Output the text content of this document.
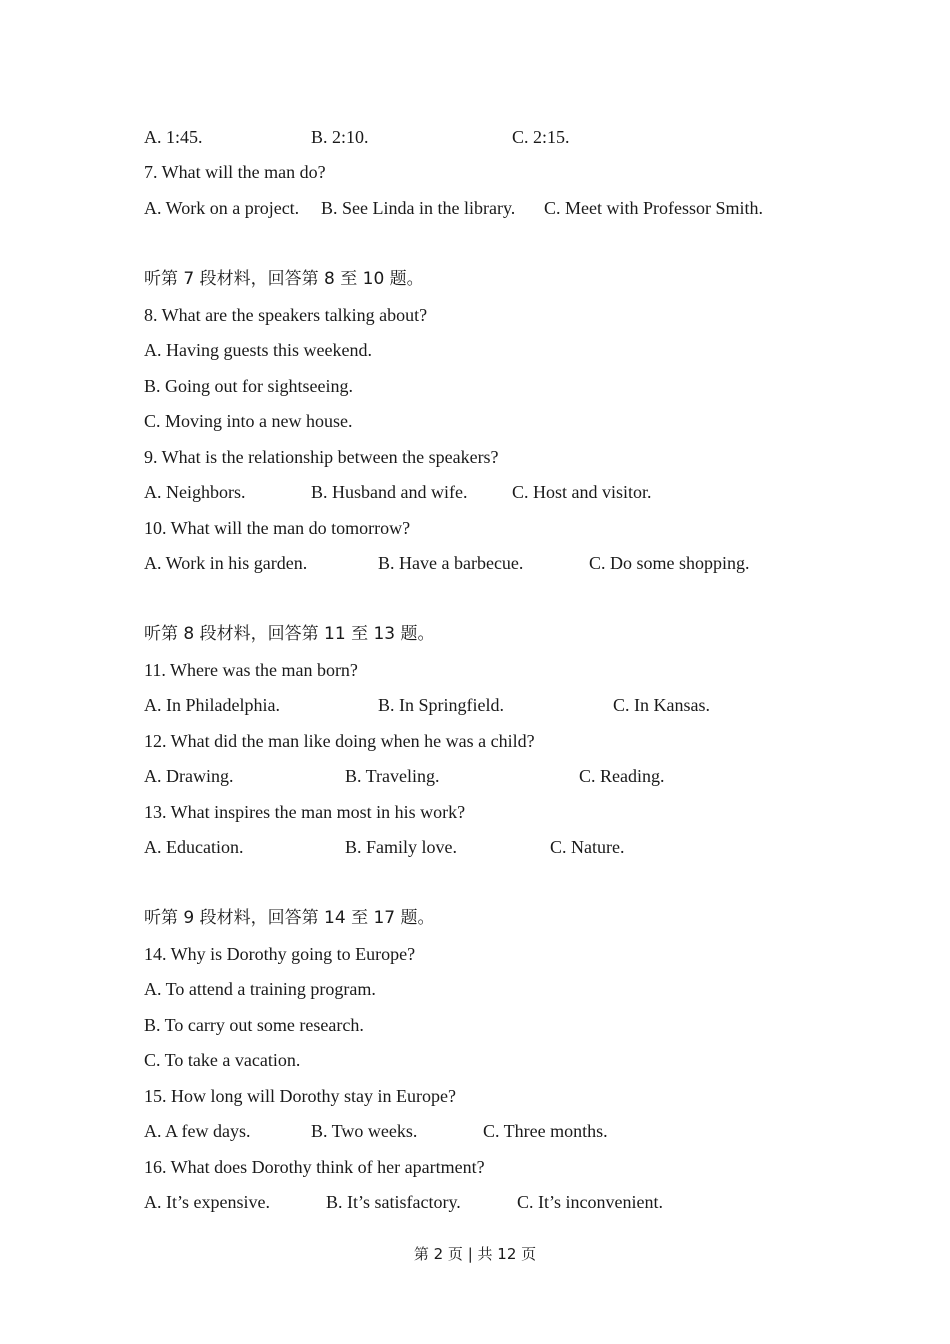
A. 1:45.	B. 2:10.	C. 2:15.
7. What will the man do?
A. Work on a project. B. See Linda in the library. C. Meet with Professor Smith.
听第 7 段材料，回答第 8 至 10 题。
8. What are the speakers talking about?
A. Having guests this weekend.
B. Going out for sightseeing.
C. Moving into a new house.
9. What is the relationship between the speakers?
A. Neighbors.	B. Husband and wife. C. Host and visitor.
10. What will the man do tomorrow?
A. Work in his garden.	B. Have a barbecue.	C. Do some shopping.
听第 8 段材料，回答第 11 至 13 题。
11. Where was the man born?
A. In Philadelphia.	B. In Springfield.	C. In Kansas.
12. What did the man like doing when he was a child?
A. Drawing.	B. Traveling.	C. Reading.
13. What inspires the man most in his work?
A. Education.	B. Family love.	C. Nature.
听第 9 段材料，回答第 14 至 17 题。
14. Why is Dorothy going to Europe?
A. To attend a training program.
B. To carry out some research.
C. To take a vacation.
15. How long will Dorothy stay in Europe?
A. A few days.	B. Two weeks.	C. Three months.
16. What does Dorothy think of her apartment?
A. It’s expensive.	B. It’s satisfactory.	C. It’s inconvenient.
第 2 页 | 共 12 页
